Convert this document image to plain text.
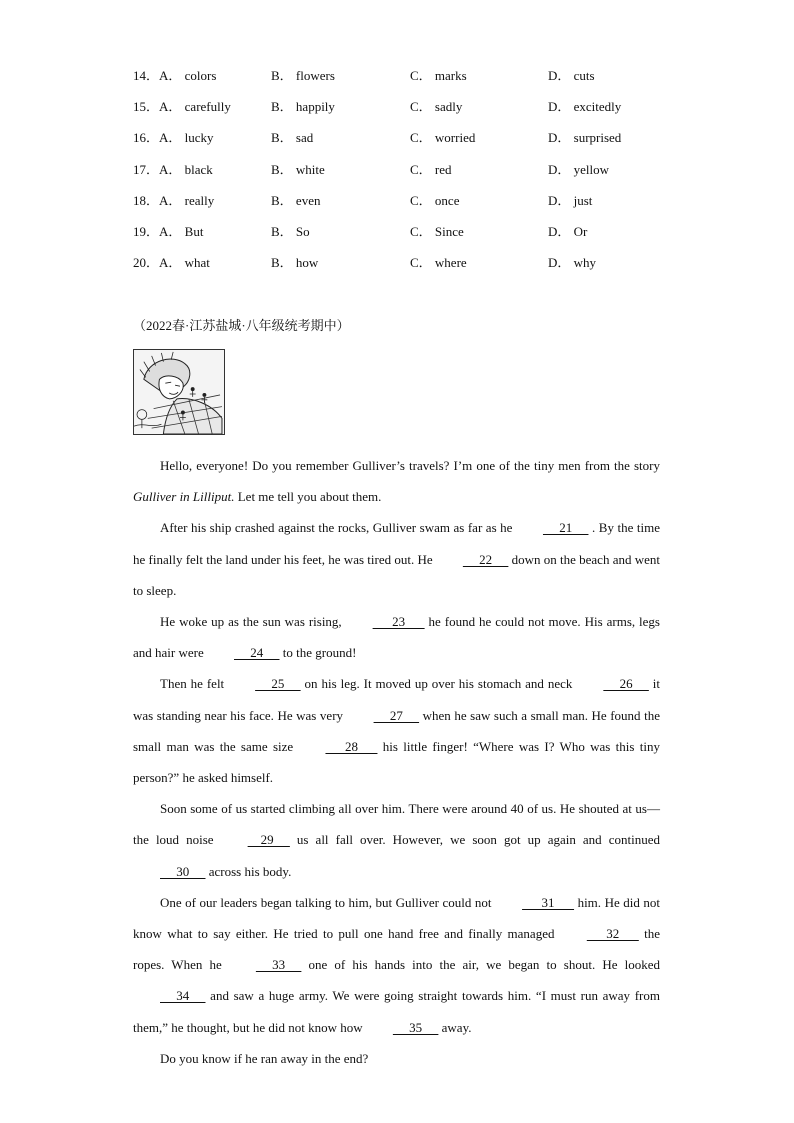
14．A． colors	B． flowers	C． marks	D． cuts
15．A． carefully	B． happily	C． sadly	D． excitedly
16．A． lucky	B． sad	C． worried	D． surprised
17．A． black	B． white	C． red	D． yellow
18．A． really	B． even	C． once	D． just
19．A． But	B． So	C． Since	D． Or
20．A． what	B． how	C． where	D． why
（2022春·江苏盐城·八年级统考期中）

Hello, everyone! Do you remember Gulliver’s travels? I’m one of the tiny men from the story Gulliver in Lilliput. Let me tell you about them.

After his ship crashed against the rocks, Gulliver swam as far as he      21      . By the time he finally felt the land under his feet, he was tired out. He      22      down on the beach and went to sleep.

He woke up as the sun was rising,       23       he found he could not move. His arms, legs and hair were      24      to the ground!

Then he felt      25      on his leg. It moved up over his stomach and neck      26      it was standing near his face. He was very      27      when he saw such a small man. He found the small man was the same size       28       his little finger! “Where was I? Who was this tiny person?” he asked himself.

Soon some of us started climbing all over him. There were around 40 of us. He shouted at us—the loud noise     29      us all fall over. However, we soon got up again and continued      30      across his body.

One of our leaders began talking to him, but Gulliver could not       31       him. He did not know what to say either. He tried to pull one hand free and finally managed       32       the ropes. When he      33      one of his hands into the air, we began to shout. He looked      34      and saw a huge army. We were going straight towards him. “I must run away from them,” he thought, but he did not know how      35      away.

Do you know if he ran away in the end?
